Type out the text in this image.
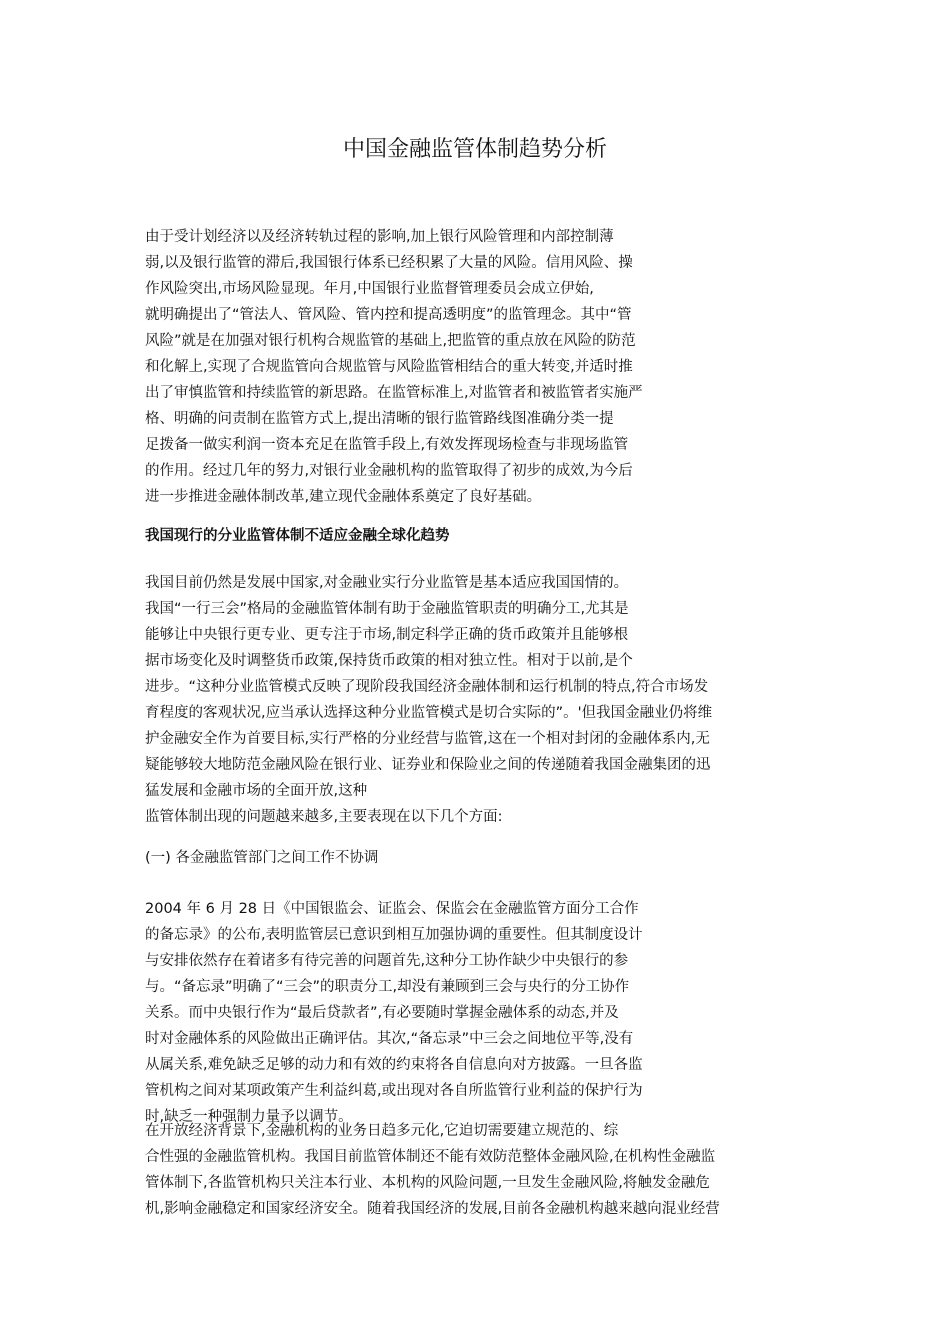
中国金融监管体制趋势分析
由于受计划经济以及经济转轨过程的影响,加上银行风险管理和内部控制薄
弱,以及银行监管的滞后,我国银行体系已经积累了大量的风险。信用风险、操
作风险突出,市场风险显现。年月,中国银行业监督管理委员会成立伊始,
就明确提出了“管法人、管风险、管内控和提高透明度”的监管理念。其中“管
风险”就是在加强对银行机构合规监管的基础上,把监管的重点放在风险的防范
和化解上,实现了合规监管向合规监管与风险监管相结合的重大转变,并适时推
出了审慎监管和持续监管的新思路。在监管标准上,对监管者和被监管者实施严
格、明确的问责制在监管方式上,提出清晰的银行监管路线图准确分类一提
足拨备一做实利润一资本充足在监管手段上,有效发挥现场检查与非现场监管
的作用。经过几年的努力,对银行业金融机构的监管取得了初步的成效,为今后
进一步推进金融体制改革,建立现代金融体系奠定了良好基础。
我国现行的分业监管体制不适应金融全球化趋势
我国目前仍然是发展中国家,对金融业实行分业监管是基本适应我国国情的。
我国“一行三会”格局的金融监管体制有助于金融监管职责的明确分工,尤其是
能够让中央银行更专业、更专注于市场,制定科学正确的货币政策并且能够根
据市场变化及时调整货币政策,保持货币政策的相对独立性。相对于以前,是个
进步。“这种分业监管模式反映了现阶段我国经济金融体制和运行机制的特点,符合市场发
育程度的客观状况,应当承认选择这种分业监管模式是切合实际的”。'但我国金融业仍将维
护金融安全作为首要目标,实行严格的分业经营与监管,这在一个相对封闭的金融体系内,无
疑能够较大地防范金融风险在银行业、证券业和保险业之间的传递随着我国金融集团的迅
猛发展和金融市场的全面开放,这种
监管体制出现的问题越来越多,主要表现在以下几个方面:
(一) 各金融监管部门之间工作不协调
2004 年 6 月 28 日《中国银监会、证监会、保监会在金融监管方面分工合作
的备忘录》的公布,表明监管层已意识到相互加强协调的重要性。但其制度设计
与安排依然存在着诸多有待完善的问题首先,这种分工协作缺少中央银行的参
与。“备忘录”明确了“三会”的职责分工,却没有兼顾到三会与央行的分工协作
关系。而中央银行作为“最后贷款者”,有必要随时掌握金融体系的动态,并及
时对金融体系的风险做出正确评估。其次,“备忘录”中三会之间地位平等,没有
从属关系,难免缺乏足够的动力和有效的约束将各自信息向对方披露。一旦各监
管机构之间对某项政策产生利益纠葛,或出现对各自所监管行业利益的保护行为
时,缺乏一种强制力量予以调节。
在开放经济背景下,金融机构的业务日趋多元化,它迫切需要建立规范的、综
合性强的金融监管机构。我国目前监管体制还不能有效防范整体金融风险,在机构性金融监
管体制下,各监管机构只关注本行业、本机构的风险问题,一旦发生金融风险,将触发金融危
机,影响金融稳定和国家经济安全。随着我国经济的发展,目前各金融机构越来越向混业经营
